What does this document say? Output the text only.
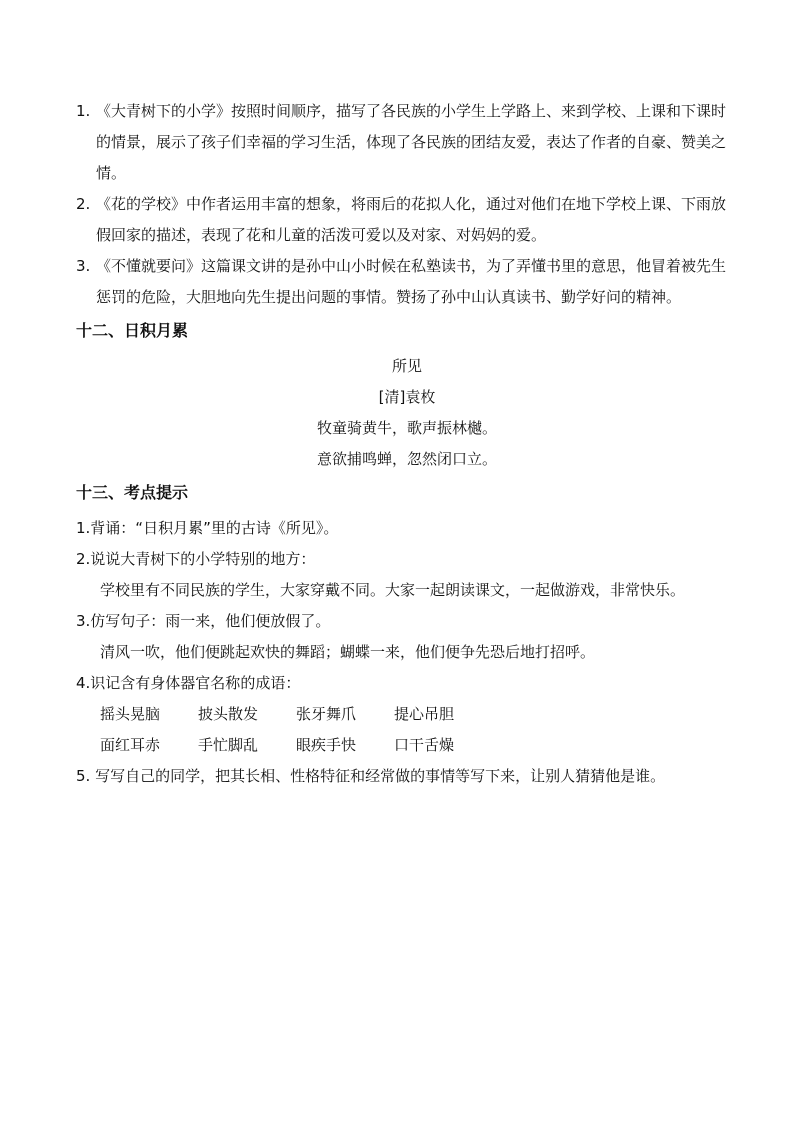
1. 《大青树下的小学》按照时间顺序，描写了各民族的小学生上学路上、来到学校、上课和下课时的情景，展示了孩子们幸福的学习生活，体现了各民族的团结友爱，表达了作者的自豪、赞美之情。
2. 《花的学校》中作者运用丰富的想象，将雨后的花拟人化，通过对他们在地下学校上课、下雨放假回家的描述，表现了花和儿童的活泼可爱以及对家、对妈妈的爱。
3. 《不懂就要问》这篇课文讲的是孙中山小时候在私塾读书，为了弄懂书里的意思，他冒着被先生惩罚的危险，大胆地向先生提出问题的事情。赞扬了孙中山认真读书、勤学好问的精神。
十二、日积月累
所见
[清]袁枚
牧童骑黄牛，歌声振林樾。
意欲捕鸣蝉，忽然闭口立。
十三、考点提示
1.背诵：“日积月累”里的古诗《所见》。
2.说说大青树下的小学特别的地方：
学校里有不同民族的学生，大家穿戴不同。大家一起朗读课文，一起做游戏，非常快乐。
3.仿写句子：雨一来，他们便放假了。
清风一吹，他们便跳起欢快的舞蹈；蝴蝶一来，他们便争先恐后地打招呼。
4.识记含有身体器官名称的成语：
摇头晃脑	披头散发	张牙舞爪	提心吊胆
面红耳赤	手忙脚乱	眼疾手快	口干舌燥
5. 写写自己的同学，把其长相、性格特征和经常做的事情等写下来，让别人猜猜他是谁。
